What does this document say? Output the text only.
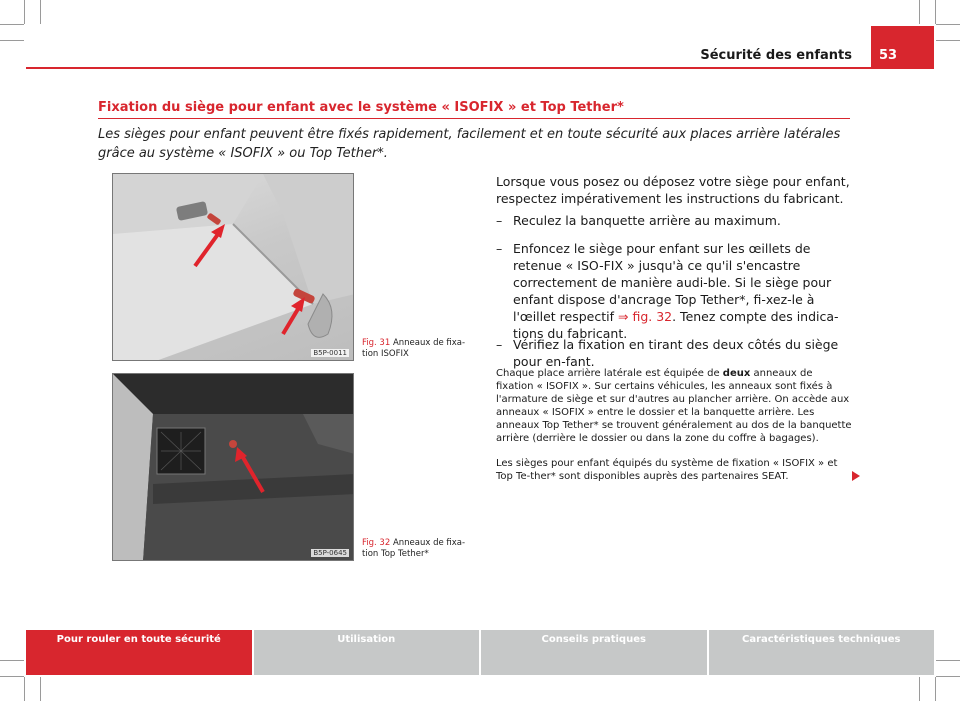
Sécurité des enfants	53
Fixation du siège pour enfant avec le système « ISOFIX » et Top Tether*
Les sièges pour enfant peuvent être fixés rapidement, facilement et en toute sécurité aux places arrière latérales grâce au système « ISOFIX » ou Top Tether*.
B5P-0011
Fig. 31 Anneaux de fixa-tion ISOFIX
B5P-0645
Fig. 32 Anneaux de fixa-tion Top Tether*
Lorsque vous posez ou déposez votre siège pour enfant, respectez impérativement les instructions du fabricant.
– Reculez la banquette arrière au maximum.
– Enfoncez le siège pour enfant sur les œillets de retenue « ISO-FIX » jusqu'à ce qu'il s'encastre correctement de manière audi-ble. Si le siège pour enfant dispose d'ancrage Top Tether*, fi-xez-le à l'œillet respectif ⇒ fig. 32. Tenez compte des indica-tions du fabricant.
– Vérifiez la fixation en tirant des deux côtés du siège pour en-fant.
Chaque place arrière latérale est équipée de deux anneaux de fixation « ISOFIX ». Sur certains véhicules, les anneaux sont fixés à l'armature de siège et sur d'autres au plancher arrière. On accède aux anneaux « ISOFIX » entre le dossier et la banquette arrière. Les anneaux Top Tether* se trouvent généralement au dos de la banquette arrière (derrière le dossier ou dans la zone du coffre à bagages).
Les sièges pour enfant équipés du système de fixation « ISOFIX » et Top Te-ther* sont disponibles auprès des partenaires SEAT.
Pour rouler en toute sécurité	Utilisation	Conseils pratiques	Caractéristiques techniques
